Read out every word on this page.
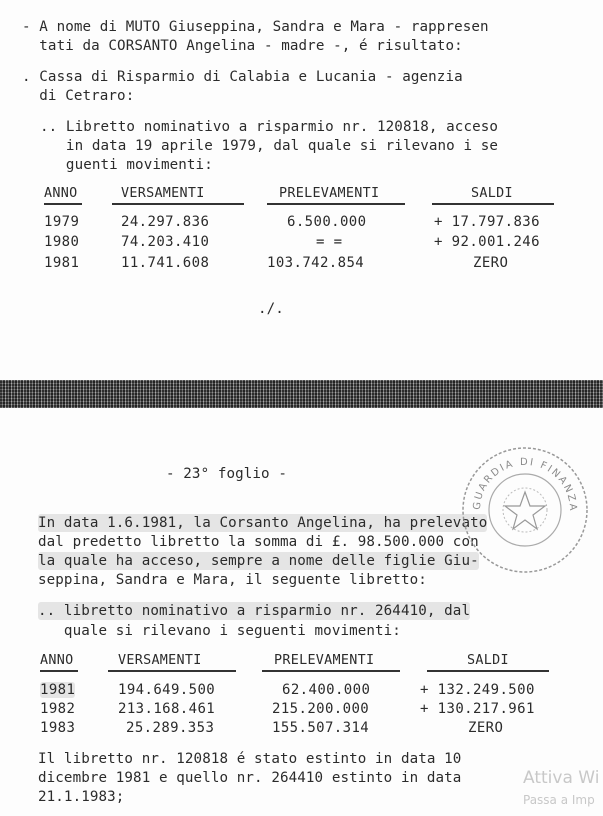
- A nome di MUTO Giuseppina, Sandra e Mara - rappresen
tati da CORSANTO Angelina - madre -, é risultato:
. Cassa di Risparmio di Calabia e Lucania - agenzia
di Cetraro:
.. Libretto nominativo a risparmio nr. 120818, acceso
in data 19 aprile 1979, dal quale si rilevano i se
guenti movimenti:
ANNO	VERSAMENTI	PRELEVAMENTI	SALDI
1979	24.297.836	6.500.000	+ 17.797.836
1980	74.203.410	= =	+ 92.001.246
1981	11.741.608	103.742.854	ZERO
./.
- 23° foglio -
In data 1.6.1981, la Corsanto Angelina, ha prelevato
dal predetto libretto la somma di £. 98.500.000 con
la quale ha acceso, sempre a nome delle figlie Giu-
seppina, Sandra e Mara, il seguente libretto:
.. libretto nominativo a risparmio nr. 264410, dal
quale si rilevano i seguenti movimenti:
ANNO	VERSAMENTI	PRELEVAMENTI	SALDI
1981	194.649.500	62.400.000	+ 132.249.500
1982	213.168.461	215.200.000	+ 130.217.961
1983	25.289.353	155.507.314	ZERO
Il libretto nr. 120818 é stato estinto in data 10
dicembre 1981 e quello nr. 264410 estinto in data
21.1.1983;
GUARDIA DI FINANZA
Attiva Wi
Passa a Imp
